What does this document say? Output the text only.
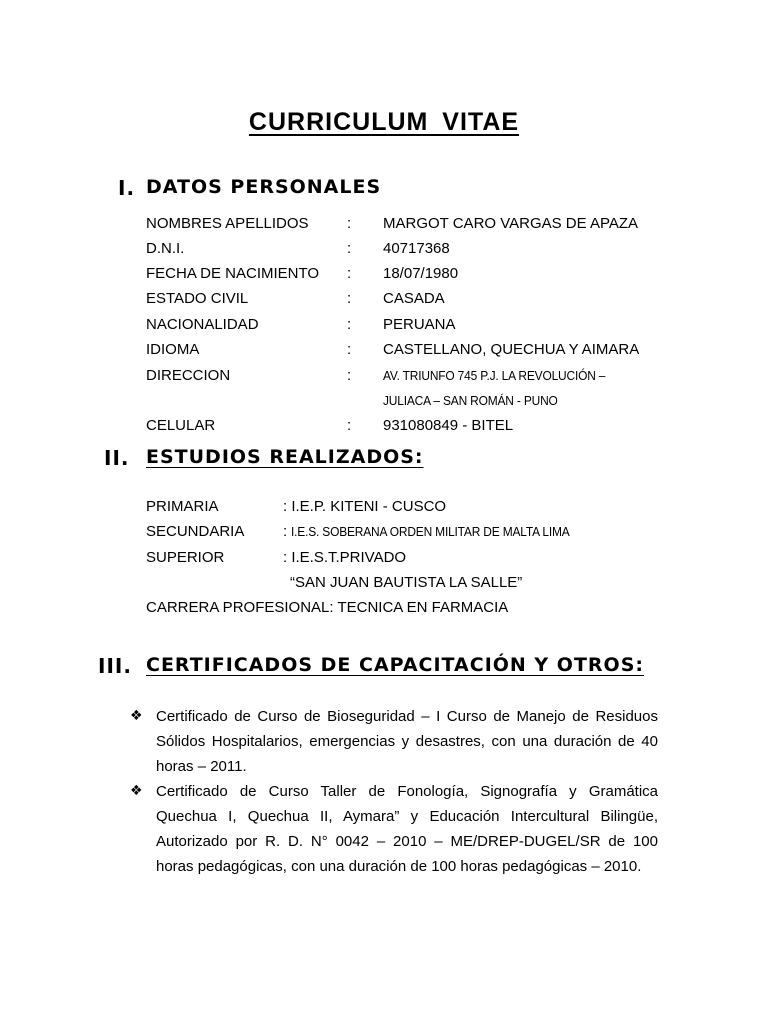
CURRICULUM VITAE
I. DATOS PERSONALES
NOMBRES APELLIDOS	: MARGOT CARO VARGAS DE APAZA
D.N.I.	: 40717368
FECHA DE NACIMIENTO : 18/07/1980
ESTADO CIVIL	: CASADA
NACIONALIDAD	: PERUANA
IDIOMA	: CASTELLANO, QUECHUA Y AIMARA
DIRECCION	: AV. TRIUNFO 745 P.J. LA REVOLUCIÓN –
JULIACA – SAN ROMÁN - PUNO
CELULAR	: 931080849 - BITEL
II. ESTUDIOS REALIZADOS:
PRIMARIA	: I.E.P. KITENI - CUSCO
SECUNDARIA	: I.E.S. SOBERANA ORDEN MILITAR DE MALTA LIMA
SUPERIOR	: I.E.S.T.PRIVADO
“SAN JUAN BAUTISTA LA SALLE”
CARRERA PROFESIONAL: TECNICA EN FARMACIA
III. CERTIFICADOS DE CAPACITACIÓN Y OTROS:
❖ Certificado de Curso de Bioseguridad – I Curso de Manejo de Residuos Sólidos Hospitalarios, emergencias y desastres, con una duración de 40 horas – 2011.
❖ Certificado de Curso Taller de Fonología, Signografía y Gramática Quechua I, Quechua II, Aymara” y Educación Intercultural Bilingüe, Autorizado por R. D. N° 0042 – 2010 – ME/DREP-DUGEL/SR de 100 horas pedagógicas, con una duración de 100 horas pedagógicas – 2010.
